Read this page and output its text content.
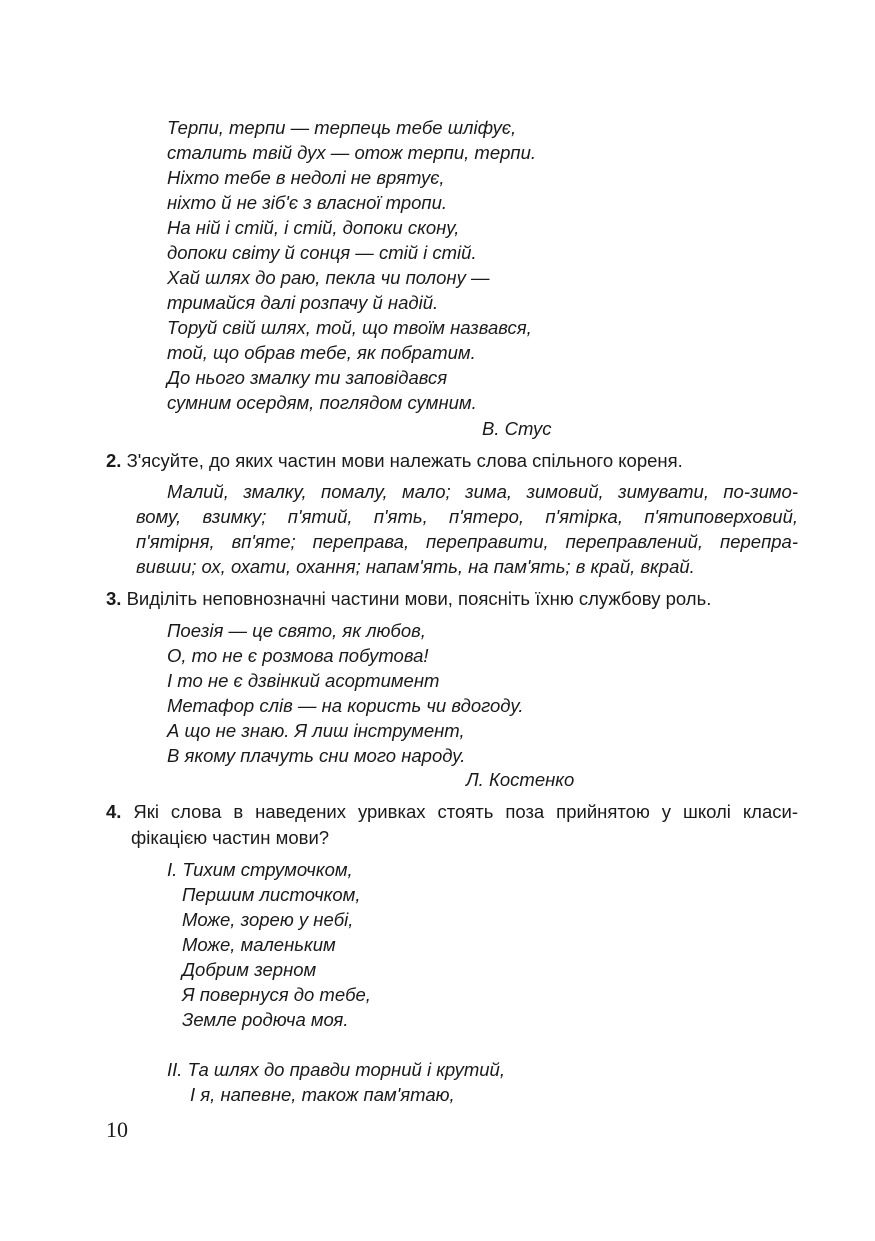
Терпи, терпи — терпець тебе шліфує,
сталить твій дух — отож терпи, терпи.
Ніхто тебе в недолі не врятує,
ніхто й не зіб'є з власної тропи.
На ній і стій, і стій, допоки скону,
допоки світу й сонця — стій і стій.
Хай шлях до раю, пекла чи полону —
тримайся далі розпачу й надій.
Торуй свій шлях, той, що твоїм назвався,
той, що обрав тебе, як побратим.
До нього змалку ти заповідався
сумним осердям, поглядом сумним.
В. Стус
2. З'ясуйте, до яких частин мови належать слова спільного кореня.
Малий, змалку, помалу, мало; зима, зимовий, зимувати, по-зимо-
вому, взимку; п'ятий, п'ять, п'ятеро, п'ятірка, п'ятиповерховий,
п'ятірня, вп'яте; переправа, переправити, переправлений, перепра-
вивши; ох, охати, охання; напам'ять, на пам'ять; в край, вкрай.
3. Виділіть неповнозначні частини мови, поясніть їхню службову роль.
Поезія — це свято, як любов,
О, то не є розмова побутова!
І то не є дзвінкий асортимент
Метафор слів — на користь чи вдогоду.
А що не знаю. Я лиш інструмент,
В якому плачуть сни мого народу.
Л. Костенко
4. Які слова в наведених уривках стоять поза прийнятою у школі класи-
фікацією частин мови?
І. Тихим струмочком,
Першим листочком,
Може, зорею у небі,
Може, маленьким
Добрим зерном
Я повернуся до тебе,
Земле родюча моя.
ІІ. Та шлях до правди торний і крутий,
І я, напевне, також пам'ятаю,
10
